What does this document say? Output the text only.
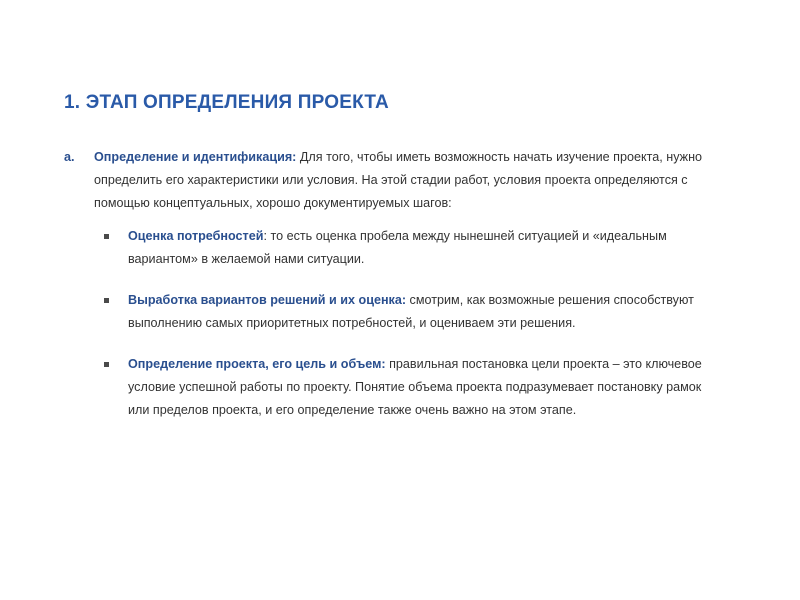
1. ЭТАП ОПРЕДЕЛЕНИЯ ПРОЕКТА
a. Определение и идентификация: Для того, чтобы иметь возможность начать изучение проекта, нужно определить его характеристики или условия. На этой стадии работ, условия проекта определяются с помощью концептуальных, хорошо документируемых шагов:
Оценка потребностей: то есть оценка пробела между нынешней ситуацией и «идеальным вариантом» в желаемой нами ситуации.
Выработка вариантов решений и их оценка: смотрим, как возможные решения способствуют выполнению самых приоритетных потребностей, и оцениваем эти решения.
Определение проекта, его цель и объем: правильная постановка цели проекта – это ключевое условие успешной работы по проекту. Понятие объема проекта подразумевает постановку рамок или пределов проекта, и его определение также очень важно на этом этапе.
